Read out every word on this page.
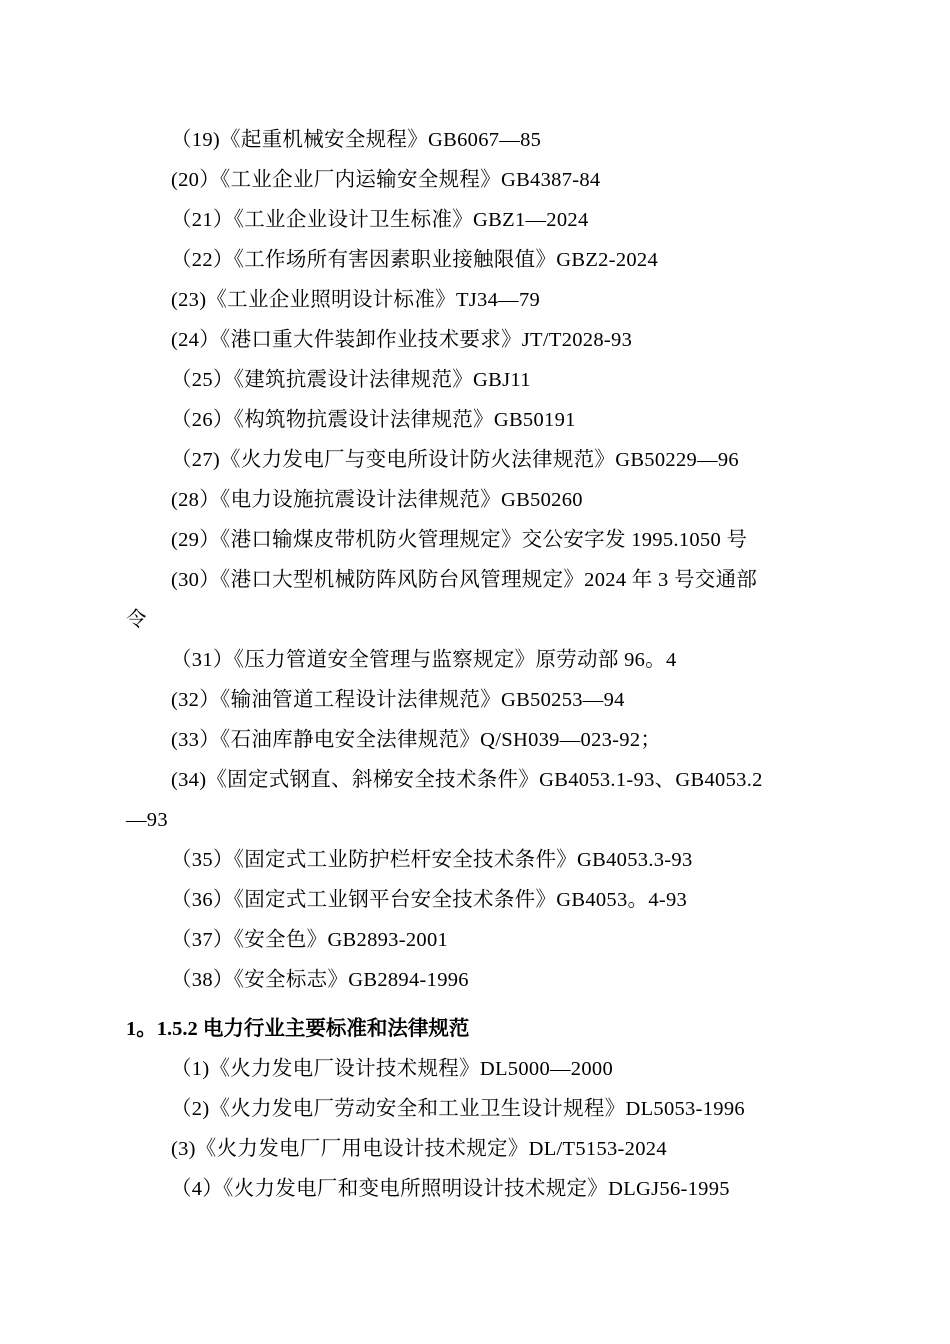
（19)《起重机械安全规程》GB6067—85
(20）《工业企业厂内运输安全规程》GB4387-84
（21）《工业企业设计卫生标准》GBZ1—2024
（22）《工作场所有害因素职业接触限值》GBZ2-2024
(23)《工业企业照明设计标准》TJ34—79
(24）《港口重大件装卸作业技术要求》JT/T2028-93
（25）《建筑抗震设计法律规范》GBJ11
（26）《构筑物抗震设计法律规范》GB50191
（27)《火力发电厂与变电所设计防火法律规范》GB50229—96
(28）《电力设施抗震设计法律规范》GB50260
(29）《港口输煤皮带机防火管理规定》交公安字发 1995.1050 号
(30）《港口大型机械防阵风防台风管理规定》2024 年 3 号交通部
令
（31）《压力管道安全管理与监察规定》原劳动部 96。4
(32）《输油管道工程设计法律规范》GB50253—94
(33）《石油库静电安全法律规范》Q/SH039—023-92；
(34)《固定式钢直、斜梯安全技术条件》GB4053.1-93、GB4053.2
—93
（35）《固定式工业防护栏杆安全技术条件》GB4053.3-93
（36）《固定式工业钢平台安全技术条件》GB4053。4-93
（37）《安全色》GB2893-2001
（38）《安全标志》GB2894-1996
1。1.5.2 电力行业主要标准和法律规范
（1)《火力发电厂设计技术规程》DL5000—2000
（2)《火力发电厂劳动安全和工业卫生设计规程》DL5053-1996
(3)《火力发电厂厂用电设计技术规定》DL/T5153-2024
（4）《火力发电厂和变电所照明设计技术规定》DLGJ56-1995
